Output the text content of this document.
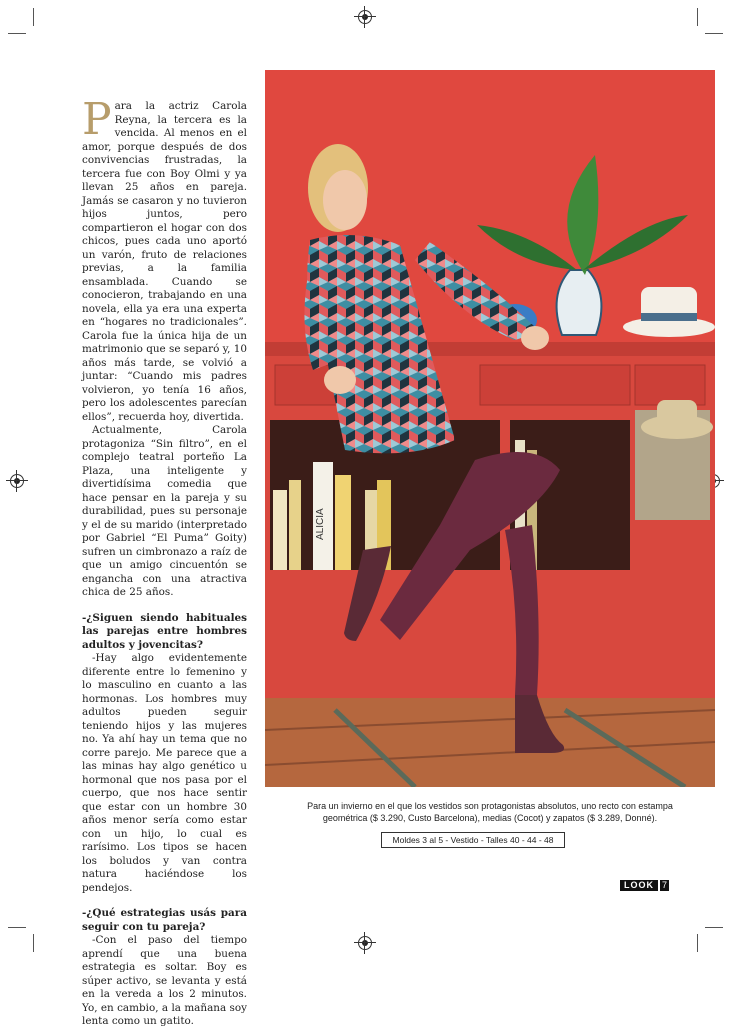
Para la actriz Carola Reyna, la tercera es la vencida. Al menos en el amor, porque después de dos convivencias frustradas, la tercera fue con Boy Olmi y ya llevan 25 años en pareja. Jamás se casaron y no tuvieron hijos juntos, pero compartieron el hogar con dos chicos, pues cada uno aportó un varón, fruto de relaciones previas, a la familia ensamblada. Cuando se conocieron, trabajando en una novela, ella ya era una experta en “hogares no tradicionales”. Carola fue la única hija de un matrimonio que se separó y, 10 años más tarde, se volvió a juntar: “Cuando mis padres volvieron, yo tenía 16 años, pero los adolescentes parecían ellos”, recuerda hoy, divertida.

Actualmente, Carola protagoniza “Sin filtro”, en el complejo teatral porteño La Plaza, una inteligente y divertidísima comedia que hace pensar en la pareja y su durabilidad, pues su personaje y el de su marido (interpretado por Gabriel “El Puma” Goity) sufren un cimbronazo a raíz de que un amigo cincuentón se engancha con una atractiva chica de 25 años.

-¿Siguen siendo habituales las parejas entre hombres adultos y jovencitas?

-Hay algo evidentemente diferente entre lo femenino y lo masculino en cuanto a las hormonas. Los hombres muy adultos pueden seguir teniendo hijos y las mujeres no. Ya ahí hay un tema que no corre parejo. Me parece que a las minas hay algo genético u hormonal que nos pasa por el cuerpo, que nos hace sentir que estar con un hombre 30 años menor sería como estar con un hijo, lo cual es rarísimo. Los tipos se hacen los boludos y van contra natura haciéndose los pendejos.

-¿Qué estrategias usás para seguir con tu pareja?

-Con el paso del tiempo aprendí que una buena estrategia es soltar. Boy es súper activo, se levanta y está en la vereda a los 2 minutos. Yo, en cambio, a la mañana soy lenta como un gatito.

ALICIA
Para un invierno en el que los vestidos son protagonistas absolutos, uno recto con estampa
geométrica ($ 3.290, Custo Barcelona), medias (Cocot) y zapatos ($ 3.289, Donné).
Moldes 3 al 5 - Vestido - Talles 40 - 44 - 48
LOOK 7
